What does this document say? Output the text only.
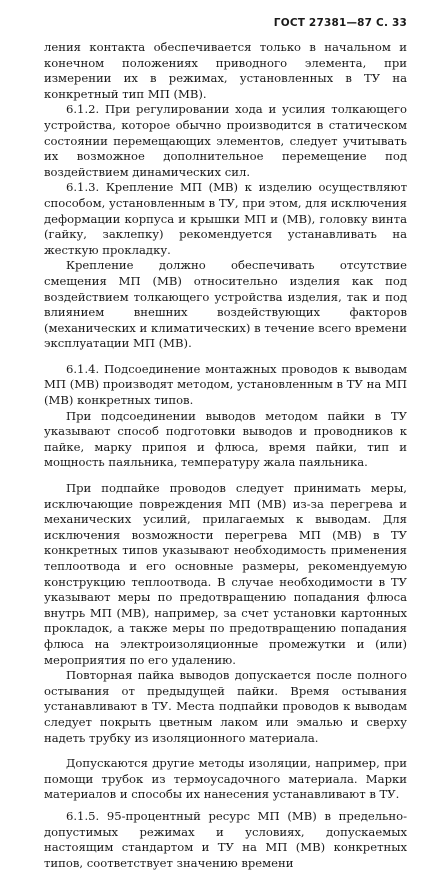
ГОСТ 27381—87 С. 33

ления контакта обеспечивается только в начальном и конечном положениях приводного элемента, при измерении их в режимах, установленных в ТУ на конкретный тип МП (МВ).

6.1.2. При регулировании хода и усилия толкающего устройства, которое обычно производится в статическом состоянии перемещающих элементов, следует учитывать их возможное дополнительное перемещение под воздействием динамических сил.

6.1.3. Крепление МП (МВ) к изделию осуществляют способом, установленным в ТУ, при этом, для исключения деформации корпуса и крышки МП и (МВ), головку винта (гайку, заклепку) рекомендуется устанавливать на жесткую прокладку.

Крепление должно обеспечивать отсутствие смещения МП (МВ) относительно изделия как под воздействием толкающего устройства изделия, так и под влиянием внешних воздействующих факторов (механических и климатических) в течение всего времени эксплуатации МП (МВ).

6.1.4. Подсоединение монтажных проводов к выводам МП (МВ) производят методом, установленным в ТУ на МП (МВ) конкретных типов.

При подсоединении выводов методом пайки в ТУ указывают способ подготовки выводов и проводников к пайке, марку припоя и флюса, время пайки, тип и мощность паяльника, температуру жала паяльника.

При подпайке проводов следует принимать меры, исключающие повреждения МП (МВ) из-за перегрева и механических усилий, прилагаемых к выводам. Для исключения возможности перегрева МП (МВ) в ТУ конкретных типов указывают необходимость применения теплоотвода и его основные размеры, рекомендуемую конструкцию теплоотвода. В случае необходимости в ТУ указывают меры по предотвращению попадания флюса внутрь МП (МВ), например, за счет установки картонных прокладок, а также меры по предотвращению попадания флюса на электроизоляционные промежутки и (или) мероприятия по его удалению.

Повторная пайка выводов допускается после полного остывания от предыдущей пайки. Время остывания устанавливают в ТУ. Места подпайки проводов к выводам следует покрыть цветным лаком или эмалью и сверху надеть трубку из изоляционного материала.

Допускаются другие методы изоляции, например, при помощи трубок из термоусадочного материала. Марки материалов и способы их нанесения устанавливают в ТУ.

6.1.5. 95-процентный ресурс МП (МВ) в предельно-допустимых режимах и условиях, допускаемых настоящим стандартом и ТУ на МП (МВ) конкретных типов, соответствует значению времени
